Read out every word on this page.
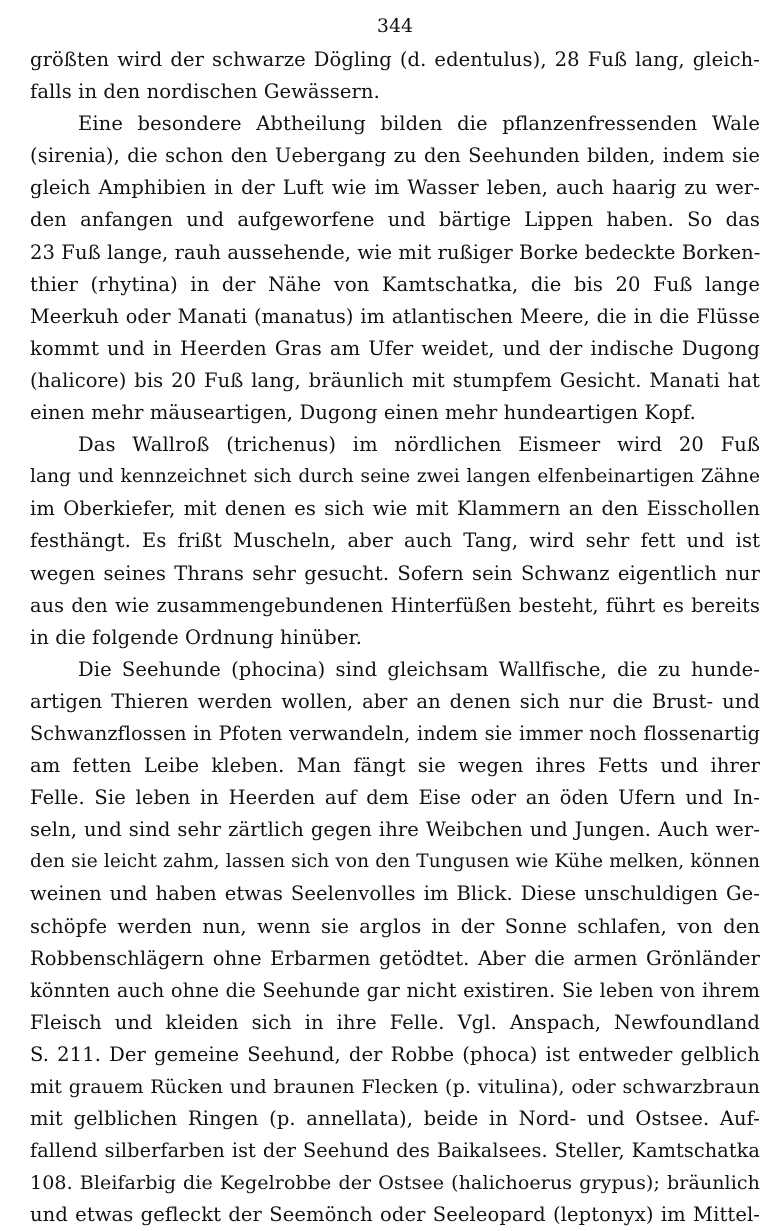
344
größten wird der schwarze Dögling (d. edentulus), 28 Fuß lang, gleich-
falls in den nordischen Gewässern.
Eine besondere Abtheilung bilden die pflanzenfressenden Wale
(sirenia), die schon den Uebergang zu den Seehunden bilden, indem sie
gleich Amphibien in der Luft wie im Wasser leben, auch haarig zu wer-
den anfangen und aufgeworfene und bärtige Lippen haben. So das
23 Fuß lange, rauh aussehende, wie mit rußiger Borke bedeckte Borken-
thier (rhytina) in der Nähe von Kamtschatka, die bis 20 Fuß lange
Meerkuh oder Manati (manatus) im atlantischen Meere, die in die Flüsse
kommt und in Heerden Gras am Ufer weidet, und der indische Dugong
(halicore) bis 20 Fuß lang, bräunlich mit stumpfem Gesicht. Manati hat
einen mehr mäuseartigen, Dugong einen mehr hundeartigen Kopf.
Das Wallroß (trichenus) im nördlichen Eismeer wird 20 Fuß
lang und kennzeichnet sich durch seine zwei langen elfenbeinartigen Zähne
im Oberkiefer, mit denen es sich wie mit Klammern an den Eisschollen
festhängt. Es frißt Muscheln, aber auch Tang, wird sehr fett und ist
wegen seines Thrans sehr gesucht. Sofern sein Schwanz eigentlich nur
aus den wie zusammengebundenen Hinterfüßen besteht, führt es bereits
in die folgende Ordnung hinüber.
Die Seehunde (phocina) sind gleichsam Wallfische, die zu hunde-
artigen Thieren werden wollen, aber an denen sich nur die Brust- und
Schwanzflossen in Pfoten verwandeln, indem sie immer noch flossenartig
am fetten Leibe kleben. Man fängt sie wegen ihres Fetts und ihrer
Felle. Sie leben in Heerden auf dem Eise oder an öden Ufern und In-
seln, und sind sehr zärtlich gegen ihre Weibchen und Jungen. Auch wer-
den sie leicht zahm, lassen sich von den Tungusen wie Kühe melken, können
weinen und haben etwas Seelenvolles im Blick. Diese unschuldigen Ge-
schöpfe werden nun, wenn sie arglos in der Sonne schlafen, von den
Robbenschlägern ohne Erbarmen getödtet. Aber die armen Grönländer
könnten auch ohne die Seehunde gar nicht existiren. Sie leben von ihrem
Fleisch und kleiden sich in ihre Felle. Vgl. Anspach, Newfoundland
S. 211. Der gemeine Seehund, der Robbe (phoca) ist entweder gelblich
mit grauem Rücken und braunen Flecken (p. vitulina), oder schwarzbraun
mit gelblichen Ringen (p. annellata), beide in Nord- und Ostsee. Auf-
fallend silberfarben ist der Seehund des Baikalsees. Steller, Kamtschatka
108. Bleifarbig die Kegelrobbe der Ostsee (halichoerus grypus); bräunlich
und etwas gefleckt der Seemönch oder Seeleopard (leptonyx) im Mittel-
